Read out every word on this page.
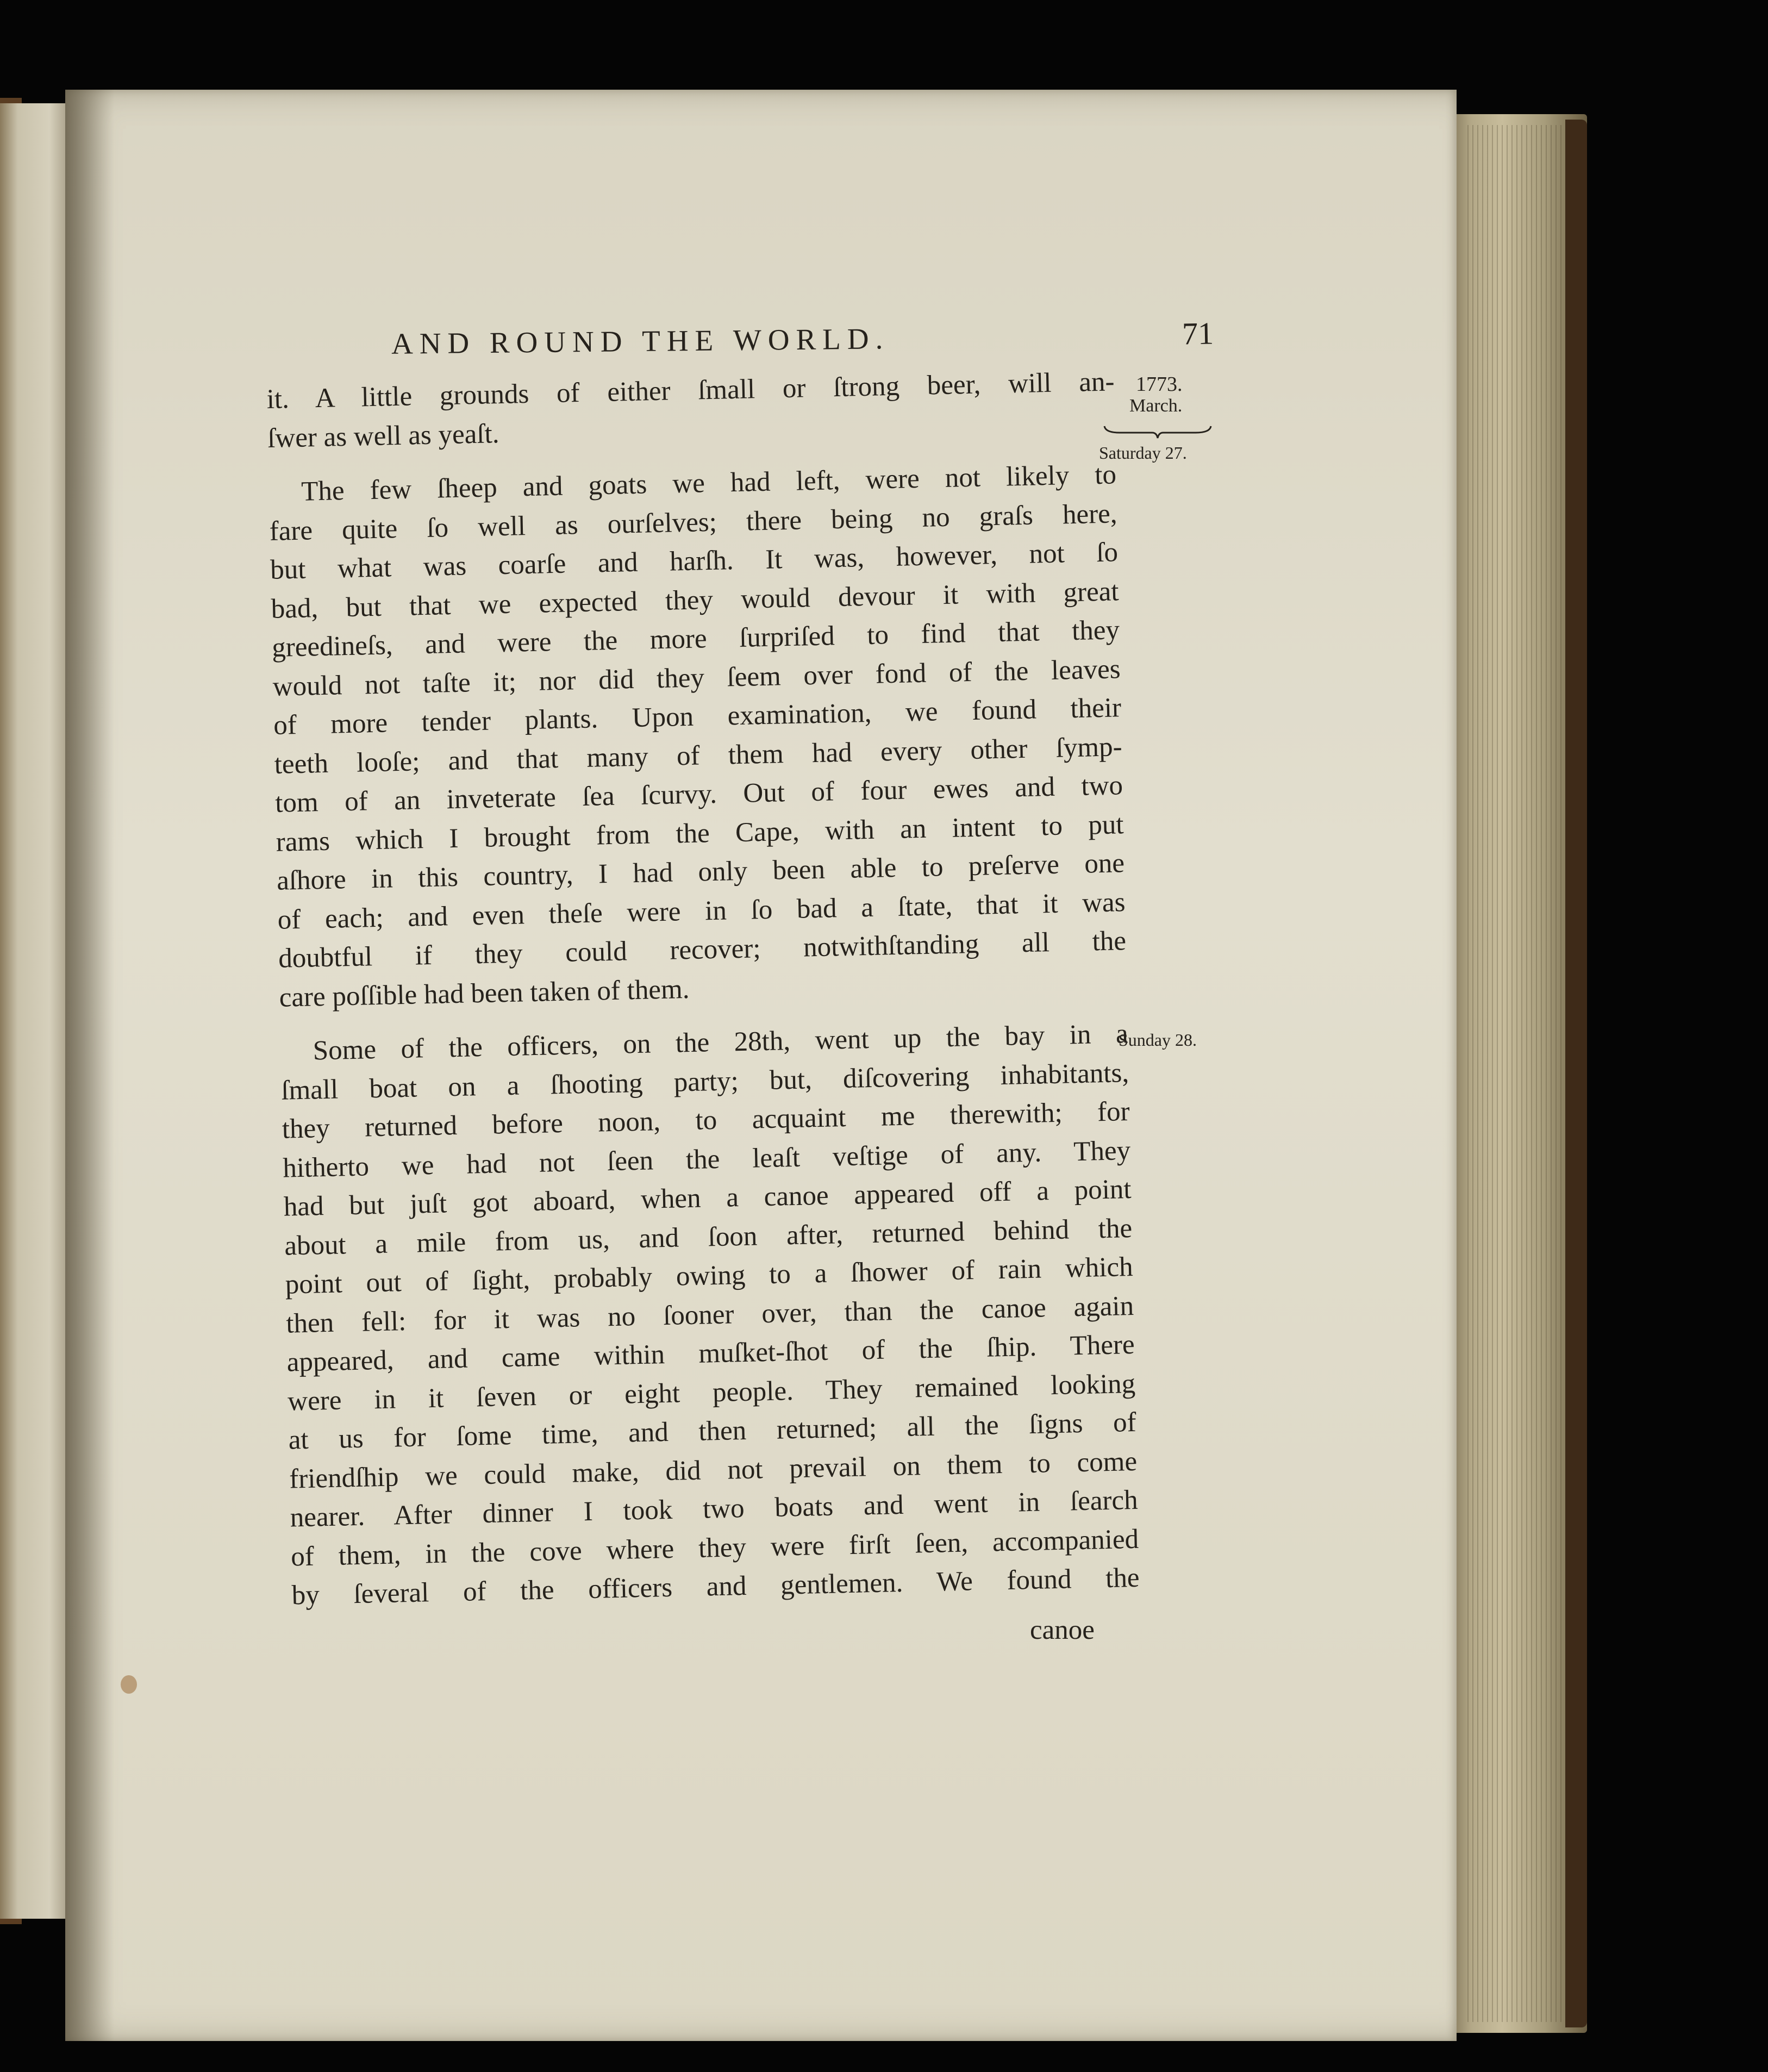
AND ROUND THE WORLD.	71
1773.
March.
Saturday 27.
Sunday 28.
it. A little grounds of either ſmall or ſtrong beer, will an-
ſwer as well as yeaſt.
The few ſheep and goats we had left, were not likely to
fare quite ſo well as ourſelves; there being no graſs here,
but what was coarſe and harſh. It was, however, not ſo
bad, but that we expected they would devour it with great
greedineſs, and were the more ſurpriſed to find that they
would not taſte it; nor did they ſeem over fond of the leaves
of more tender plants. Upon examination, we found their
teeth looſe; and that many of them had every other ſymp-
tom of an inveterate ſea ſcurvy. Out of four ewes and two
rams which I brought from the Cape, with an intent to put
aſhore in this country, I had only been able to preſerve one
of each; and even theſe were in ſo bad a ſtate, that it was
doubtful if they could recover; notwithſtanding all the
care poſſible had been taken of them.
Some of the officers, on the 28th, went up the bay in a
ſmall boat on a ſhooting party; but, diſcovering inhabitants,
they returned before noon, to acquaint me therewith; for
hitherto we had not ſeen the leaſt veſtige of any. They
had but juſt got aboard, when a canoe appeared off a point
about a mile from us, and ſoon after, returned behind the
point out of ſight, probably owing to a ſhower of rain which
then fell: for it was no ſooner over, than the canoe again
appeared, and came within muſket-ſhot of the ſhip. There
were in it ſeven or eight people. They remained looking
at us for ſome time, and then returned; all the ſigns of
friendſhip we could make, did not prevail on them to come
nearer. After dinner I took two boats and went in ſearch
of them, in the cove where they were firſt ſeen, accompanied
by ſeveral of the officers and gentlemen. We found the
canoe
